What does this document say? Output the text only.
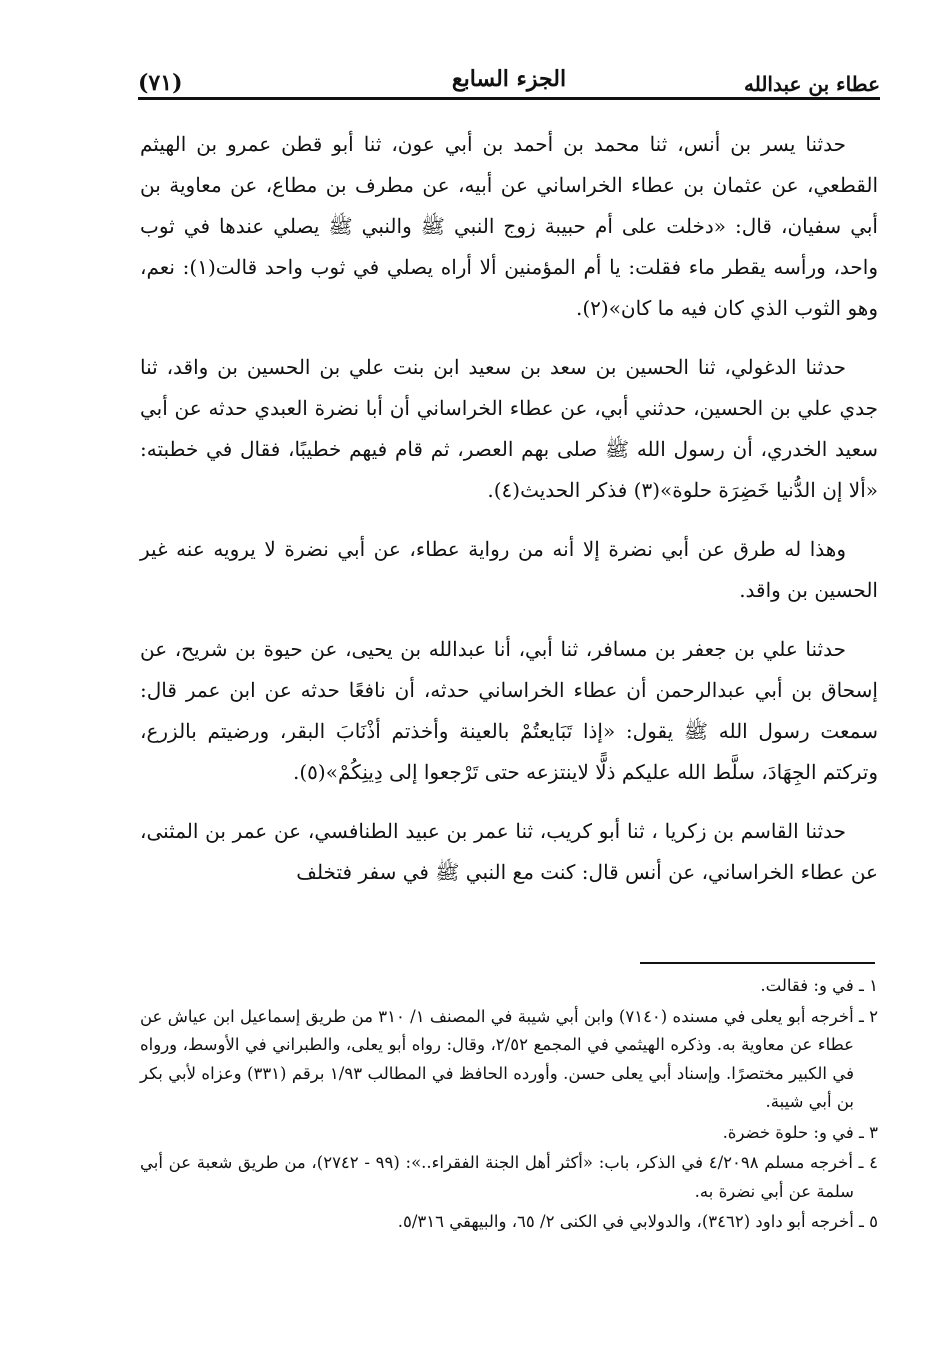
عطاء بن عبدالله
الجزء السابع
(٧١)

حدثنا يسر بن أنس، ثنا محمد بن أحمد بن أبي عون، ثنا أبو قطن عمرو بن الهيثم القطعي، عن عثمان بن عطاء الخراساني عن أبيه، عن مطرف بن مطاع، عن معاوية بن أبي سفيان، قال: «دخلت على أم حبيبة زوج النبي ﷺ والنبي ﷺ يصلي عندها في ثوب واحد، ورأسه يقطر ماء فقلت: يا أم المؤمنين ألا أراه يصلي في ثوب واحد قالت(١): نعم، وهو الثوب الذي كان فيه ما كان»(٢).

حدثنا الدغولي، ثنا الحسين بن سعد بن سعيد ابن بنت علي بن الحسين بن واقد، ثنا جدي علي بن الحسين، حدثني أبي، عن عطاء الخراساني أن أبا نضرة العبدي حدثه عن أبي سعيد الخدري، أن رسول الله ﷺ صلى بهم العصر، ثم قام فيهم خطيبًا، فقال في خطبته: «ألا إن الدُّنيا خَضِرَة حلوة»(٣) فذكر الحديث(٤).

وهذا له طرق عن أبي نضرة إلا أنه من رواية عطاء، عن أبي نضرة لا يرويه عنه غير الحسين بن واقد.

حدثنا علي بن جعفر بن مسافر، ثنا أبي، أنا عبدالله بن يحيى، عن حيوة بن شريح، عن إسحاق بن أبي عبدالرحمن أن عطاء الخراساني حدثه، أن نافعًا حدثه عن ابن عمر قال: سمعت رسول الله ﷺ يقول: «إذا تَبَايعتُمْ بالعينة وأخذتم أذْنَابَ البقر، ورضيتم بالزرع، وتركتم الجِهَادَ، سلَّط الله عليكم ذلًّا لاينتزعه حتى تَرْجعوا إلى دِينِكُمْ»(٥).

حدثنا القاسم بن زكريا ، ثنا أبو كريب، ثنا عمر بن عبيد الطنافسي، عن عمر بن المثنى، عن عطاء الخراساني، عن أنس قال: كنت مع النبي ﷺ في سفر فتخلف

١ ـ في و: فقالت.

٢ ـ أخرجه أبو يعلى في مسنده (٧١٤٠) وابن أبي شيبة في المصنف ١/ ٣١٠ من طريق إسماعيل ابن عياش عن عطاء عن معاوية به. وذكره الهيثمي في المجمع ٢/٥٢، وقال: رواه أبو يعلى، والطبراني في الأوسط، ورواه في الكبير مختصرًا. وإسناد أبي يعلى حسن. وأورده الحافظ في المطالب ١/٩٣ برقم (٣٣١) وعزاه لأبي بكر بن أبي شيبة.

٣ ـ في و: حلوة خضرة.

٤ ـ أخرجه مسلم ٤/٢٠٩٨ في الذكر، باب: «أكثر أهل الجنة الفقراء..»: (٩٩ - ٢٧٤٢)، من طريق شعبة عن أبي سلمة عن أبي نضرة به.

٥ ـ أخرجه أبو داود (٣٤٦٢)، والدولابي في الكنى ٢/ ٦٥، والبيهقي ٥/٣١٦.
